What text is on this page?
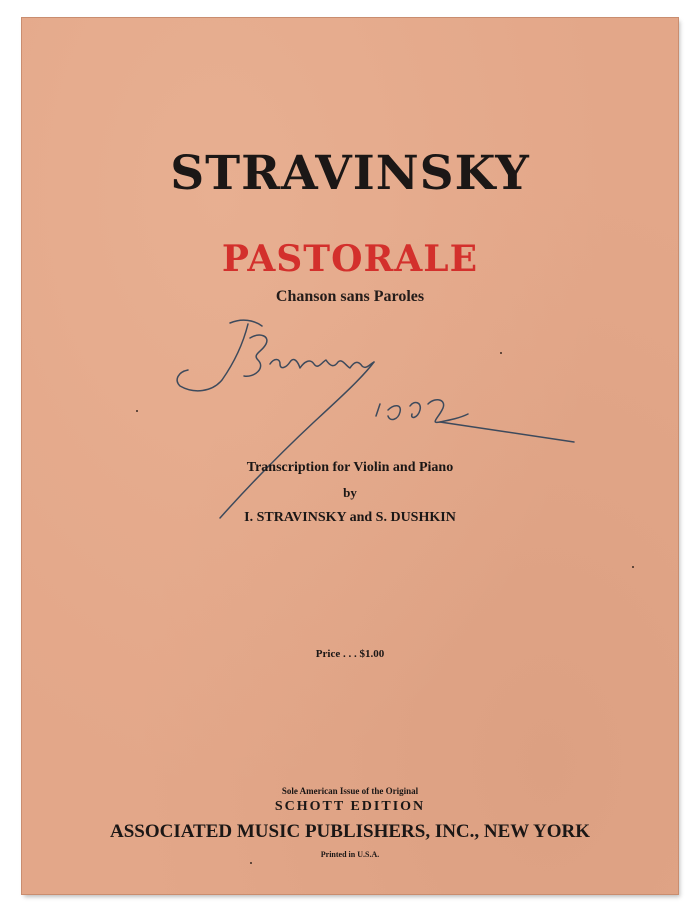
STRAVINSKY
PASTORALE
Chanson sans Paroles
Transcription for Violin and Piano
by
I. STRAVINSKY and S. DUSHKIN
Price . . . $1.00
Sole American Issue of the Original
SCHOTT EDITION
ASSOCIATED MUSIC PUBLISHERS, INC., NEW YORK
Printed in U.S.A.
